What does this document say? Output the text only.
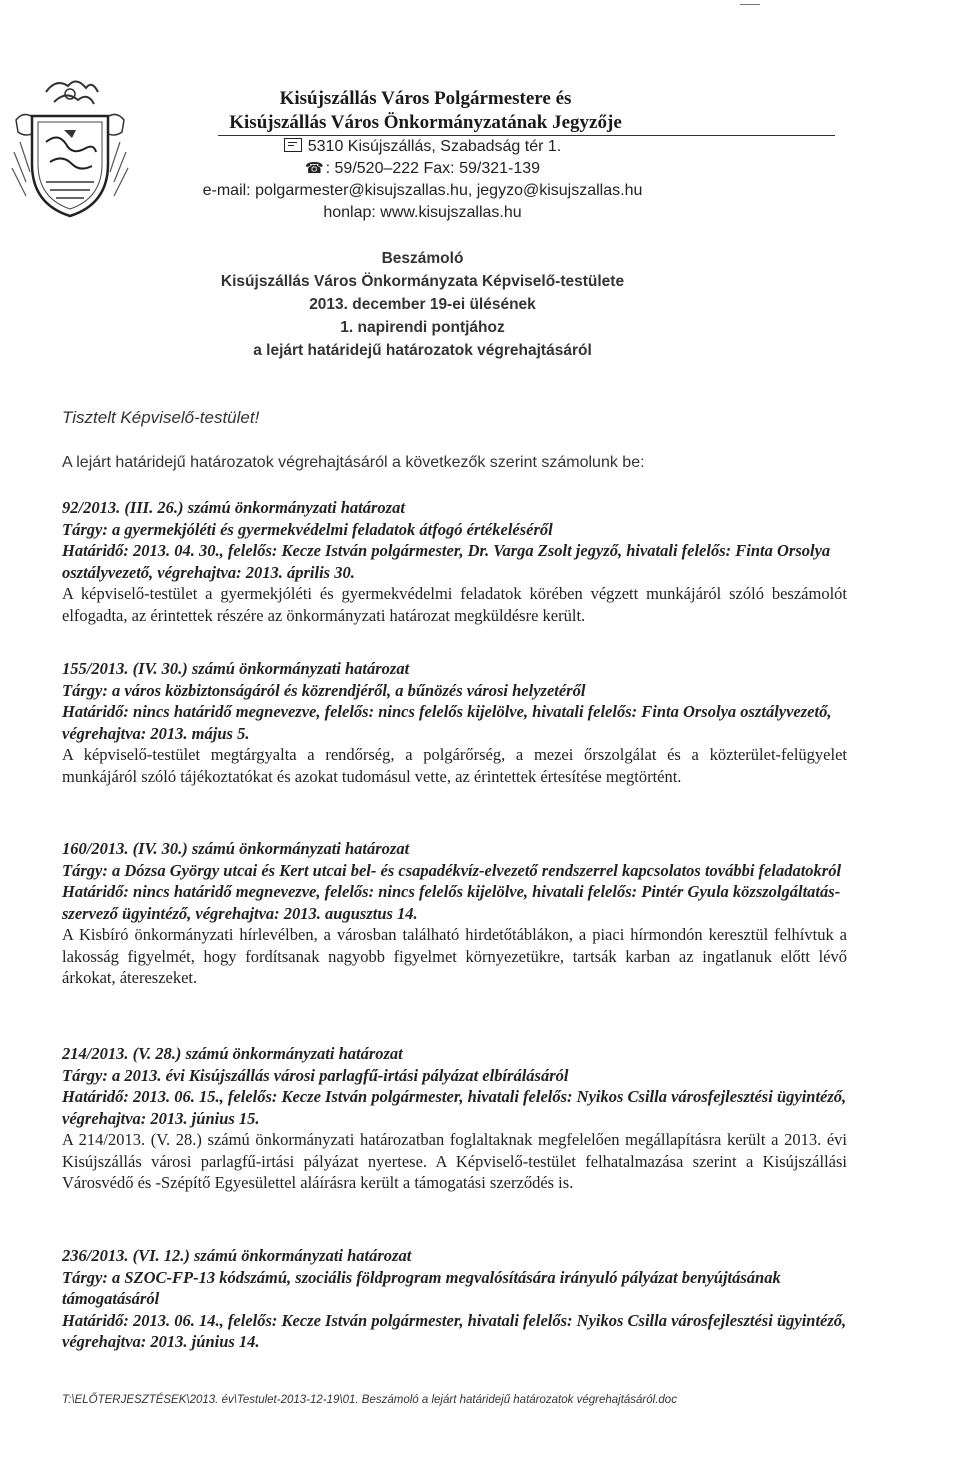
Kisújszállás Város Polgármestere és
Kisújszállás Város Önkormányzatának Jegyzője
5310 Kisújszállás, Szabadság tér 1.
☎ : 59/520–222 Fax: 59/321-139
e-mail: polgarmester@kisujszallas.hu, jegyzo@kisujszallas.hu
honlap: www.kisujszallas.hu
Beszámoló
Kisújszállás Város Önkormányzata Képviselő-testülete
2013. december 19-ei ülésének
1. napirendi pontjához
a lejárt határidejű határozatok végrehajtásáról
Tisztelt Képviselő-testület!
A lejárt határidejű határozatok végrehajtásáról a következők szerint számolunk be:

92/2013. (III. 26.) számú önkormányzati határozat

Tárgy: a gyermekjóléti és gyermekvédelmi feladatok átfogó értékeléséről

Határidő: 2013. 04. 30., felelős: Kecze István polgármester, Dr. Varga Zsolt jegyző, hivatali felelős: Finta Orsolya osztályvezető, végrehajtva: 2013. április 30.

A képviselő-testület a gyermekjóléti és gyermekvédelmi feladatok körében végzett munkájáról szóló beszámolót elfogadta, az érintettek részére az önkormányzati határozat megküldésre került.

155/2013. (IV. 30.) számú önkormányzati határozat

Tárgy: a város közbiztonságáról és közrendjéről, a bűnözés városi helyzetéről

Határidő: nincs határidő megnevezve, felelős: nincs felelős kijelölve, hivatali felelős: Finta Orsolya osztályvezető, végrehajtva: 2013. május 5.

A képviselő-testület megtárgyalta a rendőrség, a polgárőrség, a mezei őrszolgálat és a közterület-felügyelet munkájáról szóló tájékoztatókat és azokat tudomásul vette, az érintettek értesítése megtörtént.

160/2013. (IV. 30.) számú önkormányzati határozat

Tárgy: a Dózsa György utcai és Kert utcai bel- és csapadékvíz-elvezető rendszerrel kapcsolatos további feladatokról

Határidő: nincs határidő megnevezve, felelős: nincs felelős kijelölve, hivatali felelős: Pintér Gyula közszolgáltatás-szervező ügyintéző, végrehajtva: 2013. augusztus 14.

A Kisbíró önkormányzati hírlevélben, a városban található hirdetőtáblákon, a piaci hírmondón keresztül felhívtuk a lakosság figyelmét, hogy fordítsanak nagyobb figyelmet környezetükre, tartsák karban az ingatlanuk előtt lévő árkokat, átereszeket.

214/2013. (V. 28.) számú önkormányzati határozat

Tárgy: a 2013. évi Kisújszállás városi parlagfű-irtási pályázat elbírálásáról

Határidő: 2013. 06. 15., felelős: Kecze István polgármester, hivatali felelős: Nyikos Csilla városfejlesztési ügyintéző, végrehajtva: 2013. június 15.

A 214/2013. (V. 28.) számú önkormányzati határozatban foglaltaknak megfelelően megállapításra került a 2013. évi Kisújszállás városi parlagfű-irtási pályázat nyertese. A Képviselő-testület felhatalmazása szerint a Kisújszállási Városvédő és -Szépítő Egyesülettel aláírásra került a támogatási szerződés is.

236/2013. (VI. 12.) számú önkormányzati határozat

Tárgy: a SZOC-FP-13 kódszámú, szociális földprogram megvalósítására irányuló pályázat benyújtásának támogatásáról

Határidő: 2013. 06. 14., felelős: Kecze István polgármester, hivatali felelős: Nyikos Csilla városfejlesztési ügyintéző, végrehajtva: 2013. június 14.

T:\ELŐTERJESZTÉSEK\2013. év\Testulet-2013-12-19\01. Beszámoló a lejárt határidejű határozatok végrehajtásáról.doc
